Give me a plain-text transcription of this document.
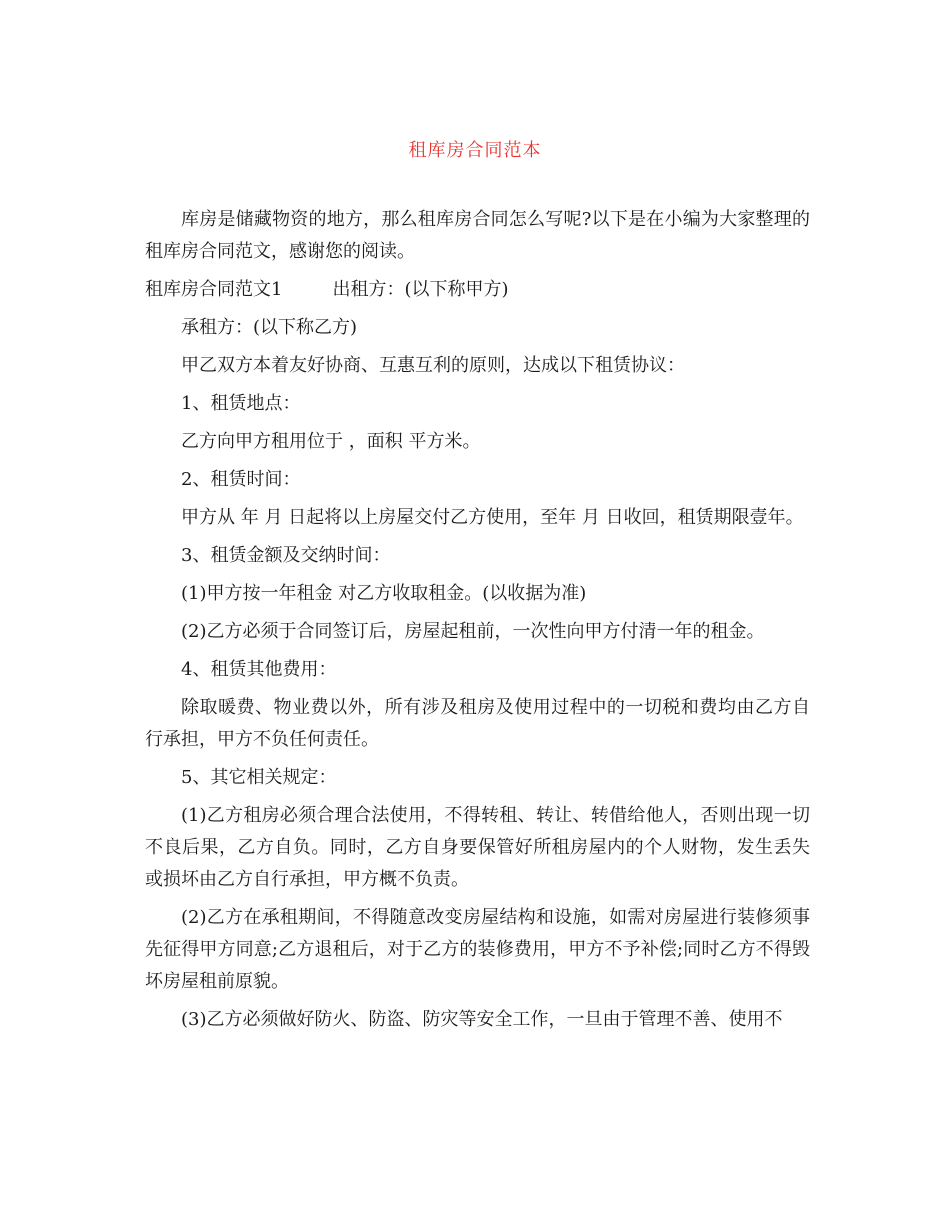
租库房合同范本

库房是储藏物资的地方，那么租库房合同怎么写呢?以下是在小编为大家整理的租库房合同范文，感谢您的阅读。

租库房合同范文1	出租方：(以下称甲方)

承租方：(以下称乙方)

甲乙双方本着友好协商、互惠互利的原则，达成以下租赁协议：

1、租赁地点：

乙方向甲方租用位于 ，面积 平方米。

2、租赁时间：

甲方从 年 月 日起将以上房屋交付乙方使用，至年 月 日收回，租赁期限壹年。

3、租赁金额及交纳时间：

(1)甲方按一年租金 对乙方收取租金。(以收据为准)

(2)乙方必须于合同签订后，房屋起租前，一次性向甲方付清一年的租金。

4、租赁其他费用：

除取暖费、物业费以外，所有涉及租房及使用过程中的一切税和费均由乙方自行承担，甲方不负任何责任。

5、其它相关规定：

(1)乙方租房必须合理合法使用，不得转租、转让、转借给他人，否则出现一切不良后果，乙方自负。同时，乙方自身要保管好所租房屋内的个人财物，发生丢失或损坏由乙方自行承担，甲方概不负责。

(2)乙方在承租期间，不得随意改变房屋结构和设施，如需对房屋进行装修须事先征得甲方同意;乙方退租后，对于乙方的装修费用，甲方不予补偿;同时乙方不得毁坏房屋租前原貌。

(3)乙方必须做好防火、防盗、防灾等安全工作，一旦由于管理不善、使用不
